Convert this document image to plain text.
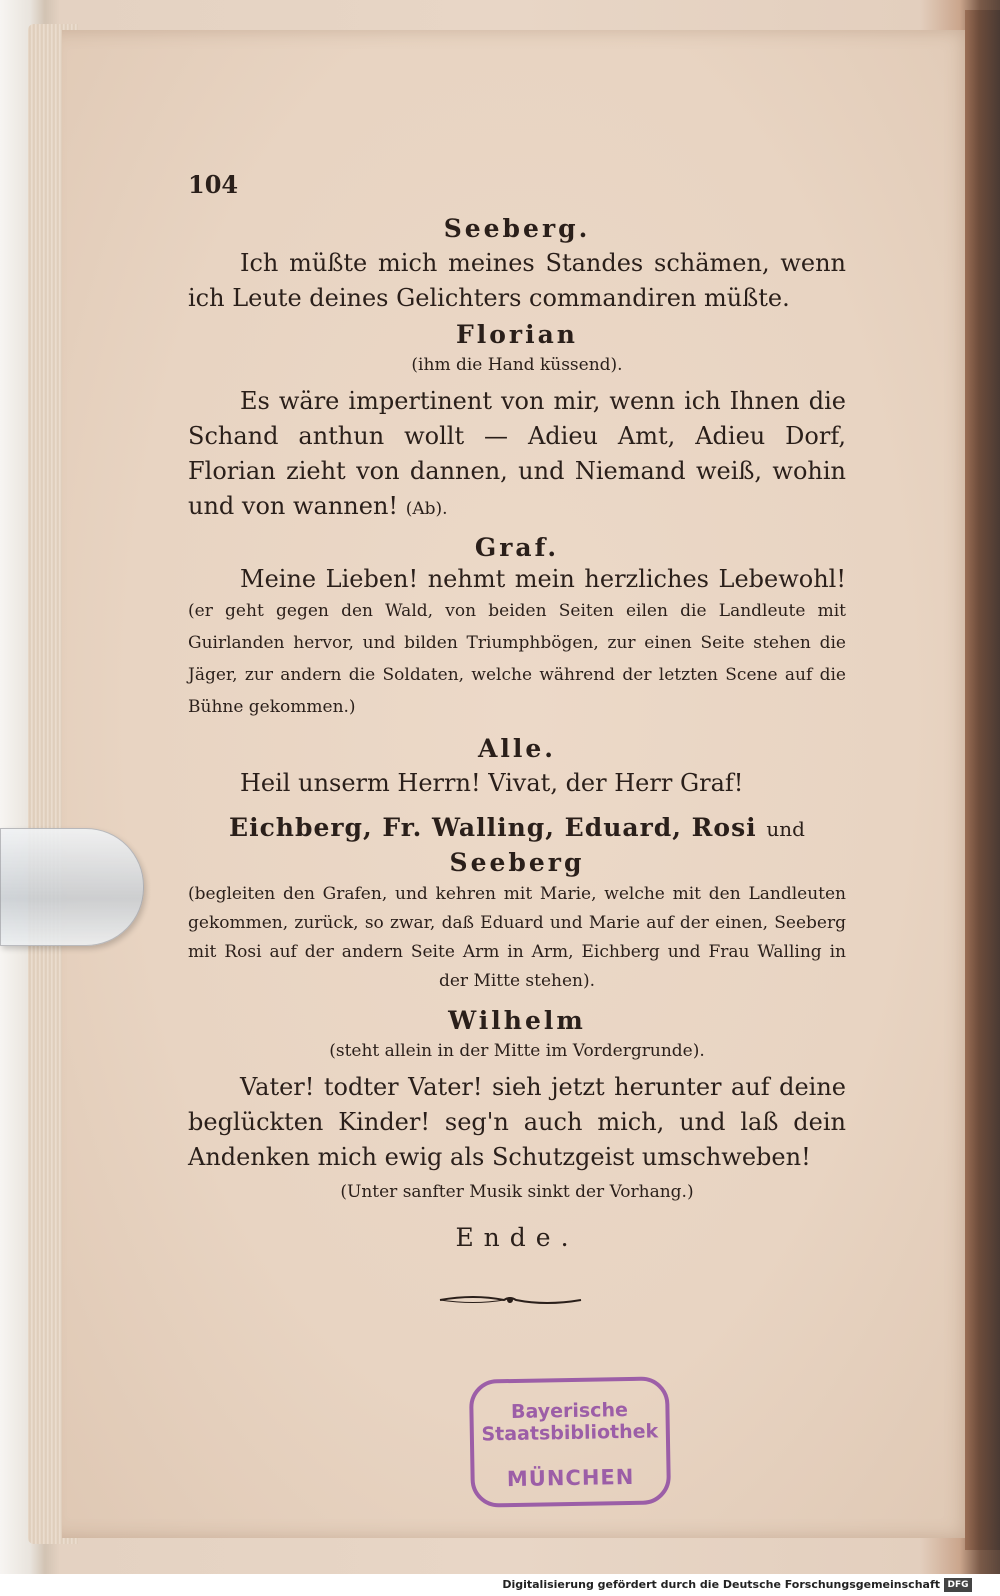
104

Seeberg.

Ich müßte mich meines Standes schämen, wenn ich Leute deines Gelichters commandiren müßte.

Florian

(ihm die Hand küssend).

Es wäre impertinent von mir, wenn ich Ihnen die Schand anthun wollt — Adieu Amt, Adieu Dorf, Florian zieht von dannen, und Niemand weiß, wohin und von wannen! (Ab).

Graf.

Meine Lieben! nehmt mein herzliches Lebewohl! (er geht gegen den Wald, von beiden Seiten eilen die Landleute mit Guirlanden hervor, und bilden Triumphbögen, zur einen Seite stehen die Jäger, zur andern die Soldaten, welche während der letzten Scene auf die Bühne gekommen.)

Alle.

Heil unserm Herrn! Vivat, der Herr Graf!

Eichberg, Fr. Walling, Eduard, Rosi und

Seeberg

(begleiten den Grafen, und kehren mit Marie, welche mit den Landleuten gekommen, zurück, so zwar, daß Eduard und Marie auf der einen, Seeberg mit Rosi auf der andern Seite Arm in Arm, Eichberg und Frau Walling in der Mitte stehen).

Wilhelm

(steht allein in der Mitte im Vordergrunde).

Vater! todter Vater! sieh jetzt herunter auf deine beglückten Kinder! seg'n auch mich, und laß dein Andenken mich ewig als Schutzgeist umschweben!

(Unter sanfter Musik sinkt der Vorhang.)

Ende.

Bayerische
Staatsbibliothek
MÜNCHEN
Digitalisierung gefördert durch die Deutsche Forschungsgemeinschaft DFG
